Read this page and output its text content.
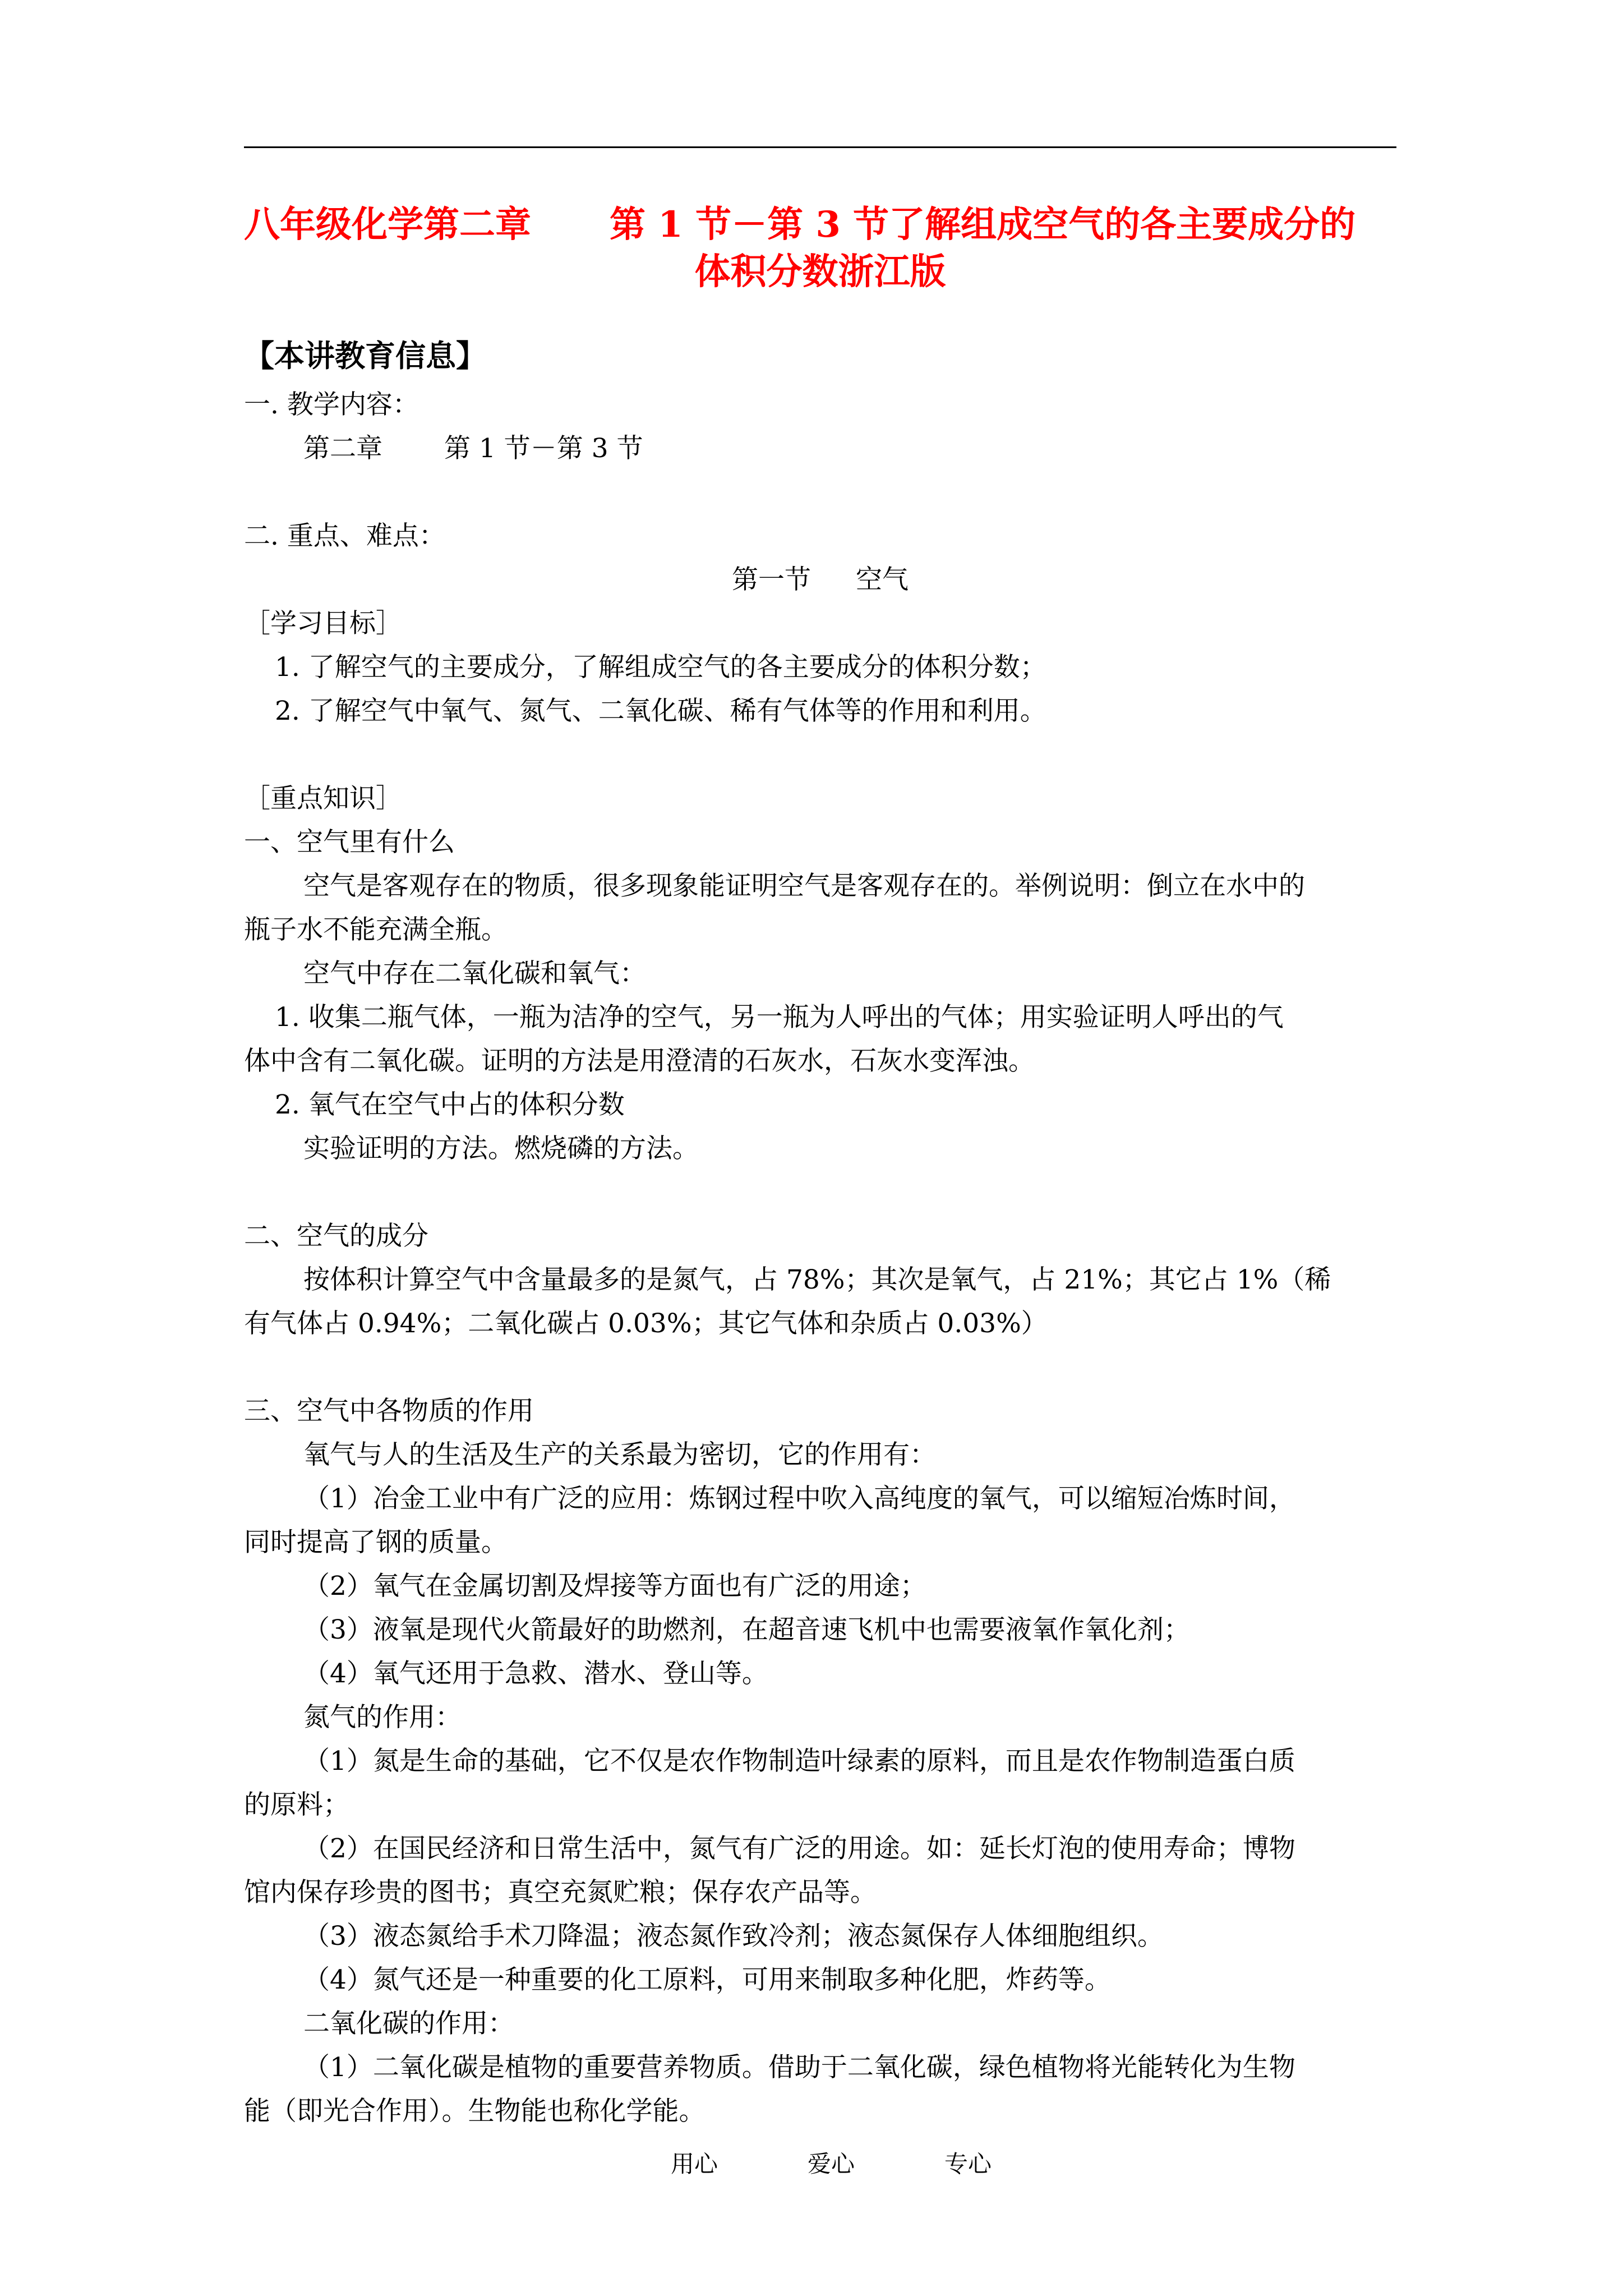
八年级化学第二章 第 1 节－第 3 节了解组成空气的各主要成分的
体积分数浙江版
【本讲教育信息】
一. 教学内容：
第二章 第 1 节－第 3 节
二. 重点、难点：
第一节 空气
［学习目标］
1. 了解空气的主要成分，了解组成空气的各主要成分的体积分数；
2. 了解空气中氧气、氮气、二氧化碳、稀有气体等的作用和利用。
［重点知识］
一、空气里有什么
空气是客观存在的物质，很多现象能证明空气是客观存在的。举例说明：倒立在水中的
瓶子水不能充满全瓶。
空气中存在二氧化碳和氧气：
1. 收集二瓶气体，一瓶为洁净的空气，另一瓶为人呼出的气体；用实验证明人呼出的气
体中含有二氧化碳。证明的方法是用澄清的石灰水，石灰水变浑浊。
2. 氧气在空气中占的体积分数
实验证明的方法。燃烧磷的方法。
二、空气的成分
按体积计算空气中含量最多的是氮气，占 78%；其次是氧气，占 21%；其它占 1%（稀
有气体占 0.94%；二氧化碳占 0.03%；其它气体和杂质占 0.03%）
三、空气中各物质的作用
氧气与人的生活及生产的关系最为密切，它的作用有：
（1）冶金工业中有广泛的应用：炼钢过程中吹入高纯度的氧气，可以缩短冶炼时间，
同时提高了钢的质量。
（2）氧气在金属切割及焊接等方面也有广泛的用途；
（3）液氧是现代火箭最好的助燃剂，在超音速飞机中也需要液氧作氧化剂；
（4）氧气还用于急救、潜水、登山等。
氮气的作用：
（1）氮是生命的基础，它不仅是农作物制造叶绿素的原料，而且是农作物制造蛋白质
的原料；
（2）在国民经济和日常生活中，氮气有广泛的用途。如：延长灯泡的使用寿命；博物
馆内保存珍贵的图书；真空充氮贮粮；保存农产品等。
（3）液态氮给手术刀降温；液态氮作致冷剂；液态氮保存人体细胞组织。
（4）氮气还是一种重要的化工原料，可用来制取多种化肥，炸药等。
二氧化碳的作用：
（1）二氧化碳是植物的重要营养物质。借助于二氧化碳，绿色植物将光能转化为生物
能（即光合作用）。生物能也称化学能。
用心	爱心	专心
